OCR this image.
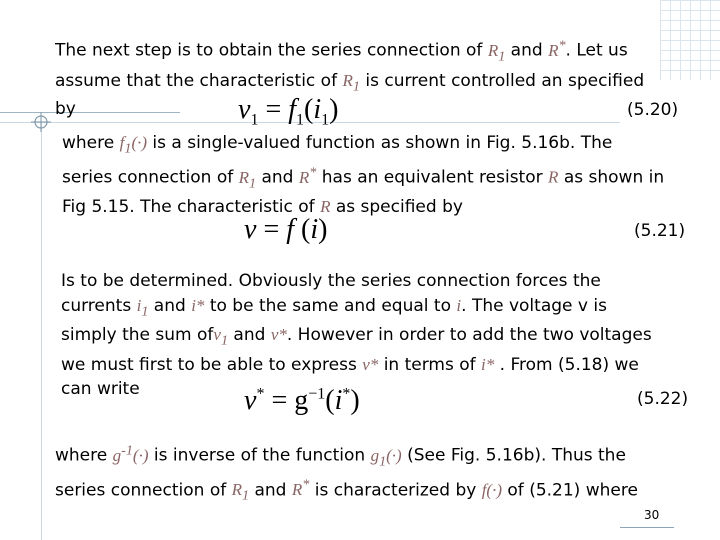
The next step is to obtain the series connection of $R_1$ and R*. Let us
assume that the characteristic of $R_1$ is current controlled an specified
by	$v_1 = f_1(i_1)$	(5.20)
where $f_1(\cdot)$ is a single-valued function as shown in Fig. 5.16b. The
series connection of $R_1$ and R* has an equivalent resistor R as shown in
Fig 5.15. The characteristic of R as specified by
v = f (i)	(5.21)
Is to be determined. Obviously the series connection forces the
currents $i_1$ and i* to be the same and equal to i. The voltage v is
simply the sum ofv$_1$ and v*. However in order to add the two voltages
we must first to be able to express v* in terms of i* . From (5.18) we
can write	$v^* = g^{-1}(i^*)$	(5.22)
where $g^{-1}(\cdot)$ is inverse of the function $g_1(\cdot)$ (See Fig. 5.16b). Thus the
series connection of $R_1$ and R* is characterized by f(·) of (5.21) where
30
